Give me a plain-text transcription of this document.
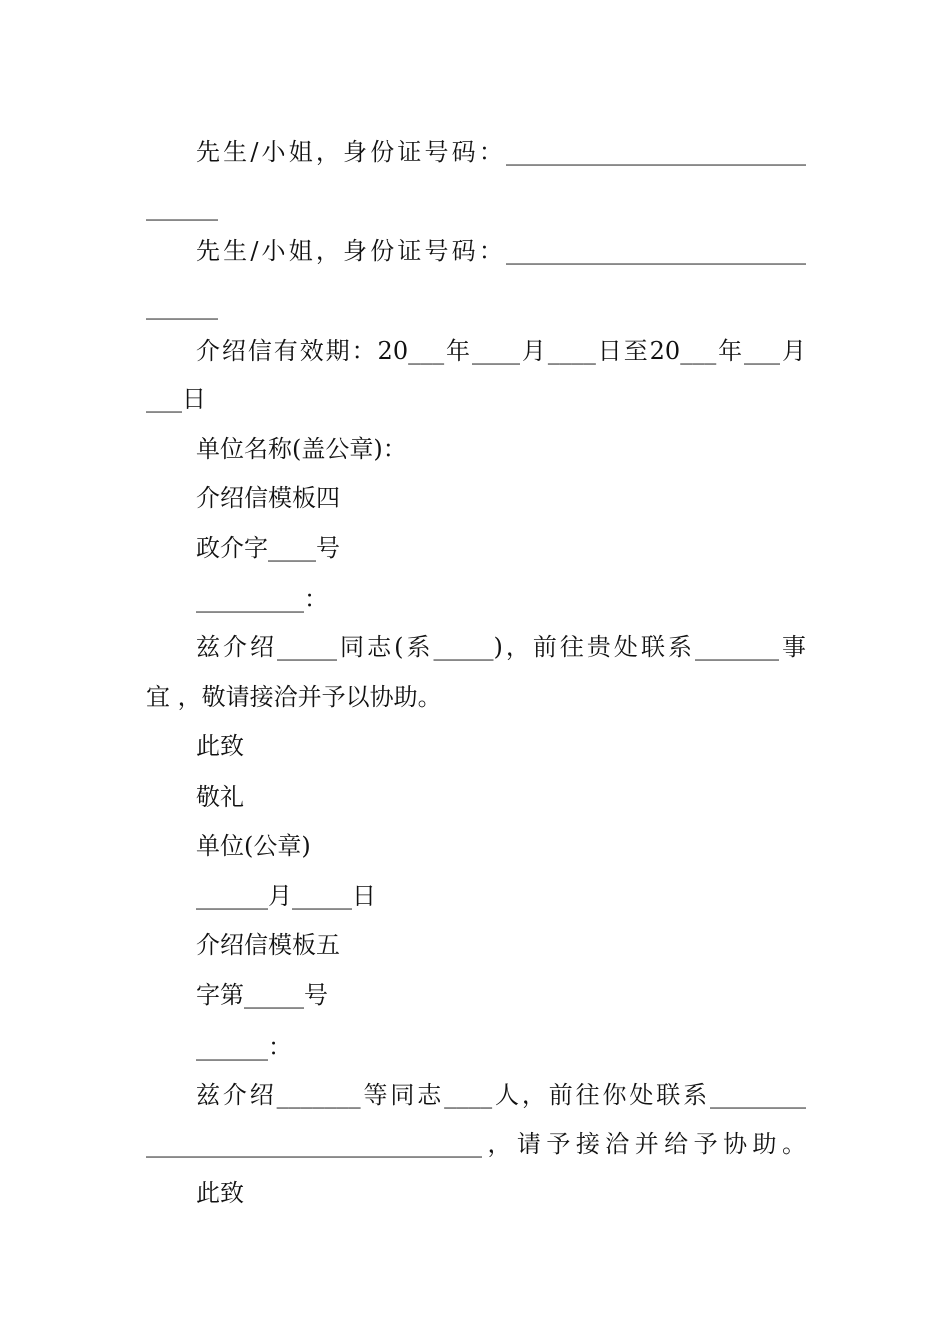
先生/小姐，身份证号码：_________________________
______
先生/小姐，身份证号码：_________________________
______
介绍信有效期：20___年____月____日至20___年___月
___日
单位名称(盖公章)：
介绍信模板四
政介字____号
_________：
兹介绍_____同志(系_____)，前往贵处联系_______事
宜 ，敬请接洽并予以协助。
此致
敬礼
单位(公章)
______月_____日
介绍信模板五
字第_____号
______：
兹介绍_______等同志____人，前往你处联系________
____________________________，请予接洽并给予协助。
此致
